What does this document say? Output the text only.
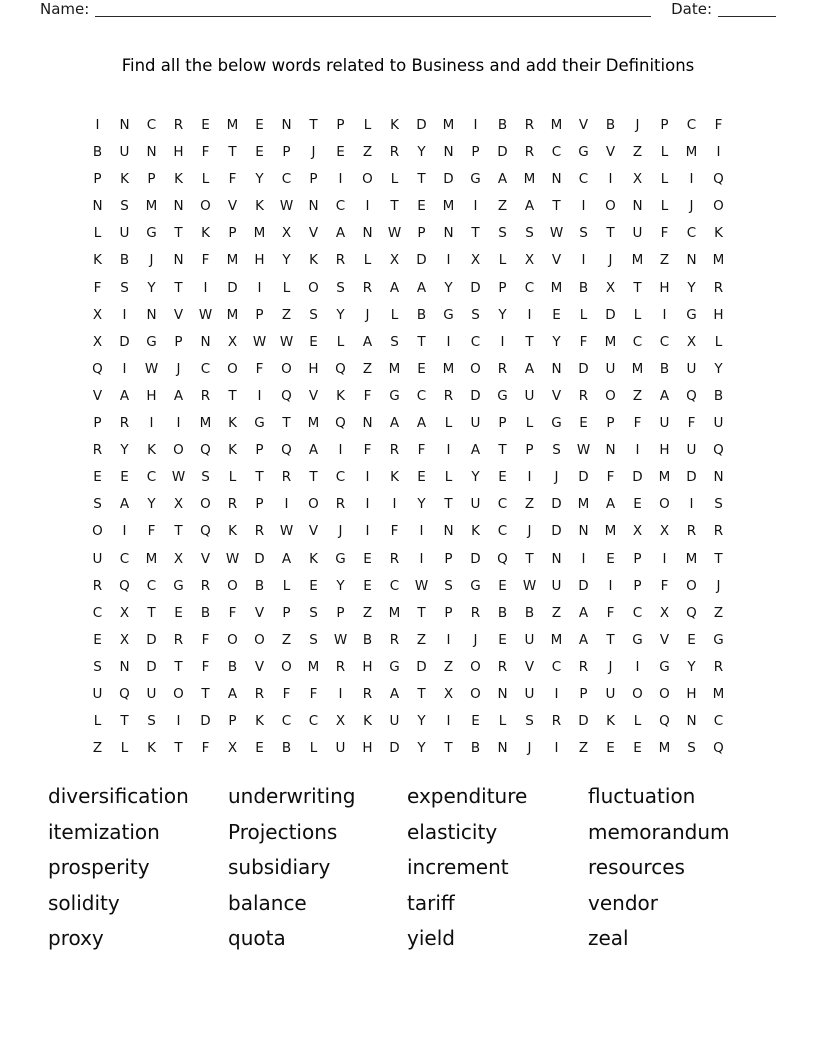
Name:	Date:
Find all the below words related to Business and add their Definitions
I	N	C	R	E	M	E	N	T	P	L	K	D	M	I	B	R	M	V	B	J	P	C	F
B	U	N	H	F	T	E	P	J	E	Z	R	Y	N	P	D	R	C	G	V	Z	L	M	I
P	K	P	K	L	F	Y	C	P	I	O	L	T	D	G	A	M	N	C	I	X	L	I	Q
N	S	M	N	O	V	K	W	N	C	I	T	E	M	I	Z	A	T	I	O	N	L	J	O
L	U	G	T	K	P	M	X	V	A	N	W	P	N	T	S	S	W	S	T	U	F	C	K
K	B	J	N	F	M	H	Y	K	R	L	X	D	I	X	L	X	V	I	J	M	Z	N	M
F	S	Y	T	I	D	I	L	O	S	R	A	A	Y	D	P	C	M	B	X	T	H	Y	R
X	I	N	V	W	M	P	Z	S	Y	J	L	B	G	S	Y	I	E	L	D	L	I	G	H
X	D	G	P	N	X	W	W	E	L	A	S	T	I	C	I	T	Y	F	M	C	C	X	L
Q	I	W	J	C	O	F	O	H	Q	Z	M	E	M	O	R	A	N	D	U	M	B	U	Y
V	A	H	A	R	T	I	Q	V	K	F	G	C	R	D	G	U	V	R	O	Z	A	Q	B
P	R	I	I	M	K	G	T	M	Q	N	A	A	L	U	P	L	G	E	P	F	U	F	U
R	Y	K	O	Q	K	P	Q	A	I	F	R	F	I	A	T	P	S	W	N	I	H	U	Q
E	E	C	W	S	L	T	R	T	C	I	K	E	L	Y	E	I	J	D	F	D	M	D	N
S	A	Y	X	O	R	P	I	O	R	I	I	Y	T	U	C	Z	D	M	A	E	O	I	S
O	I	F	T	Q	K	R	W	V	J	I	F	I	N	K	C	J	D	N	M	X	X	R	R
U	C	M	X	V	W	D	A	K	G	E	R	I	P	D	Q	T	N	I	E	P	I	M	T
R	Q	C	G	R	O	B	L	E	Y	E	C	W	S	G	E	W	U	D	I	P	F	O	J
C	X	T	E	B	F	V	P	S	P	Z	M	T	P	R	B	B	Z	A	F	C	X	Q	Z
E	X	D	R	F	O	O	Z	S	W	B	R	Z	I	J	E	U	M	A	T	G	V	E	G
S	N	D	T	F	B	V	O	M	R	H	G	D	Z	O	R	V	C	R	J	I	G	Y	R
U	Q	U	O	T	A	R	F	F	I	R	A	T	X	O	N	U	I	P	U	O	O	H	M
L	T	S	I	D	P	K	C	C	X	K	U	Y	I	E	L	S	R	D	K	L	Q	N	C
Z	L	K	T	F	X	E	B	L	U	H	D	Y	T	B	N	J	I	Z	E	E	M	S	Q
diversification
itemization
prosperity
solidity
proxy
underwriting
Projections
subsidiary
balance
quota
expenditure
elasticity
increment
tariff
yield
fluctuation
memorandum
resources
vendor
zeal
